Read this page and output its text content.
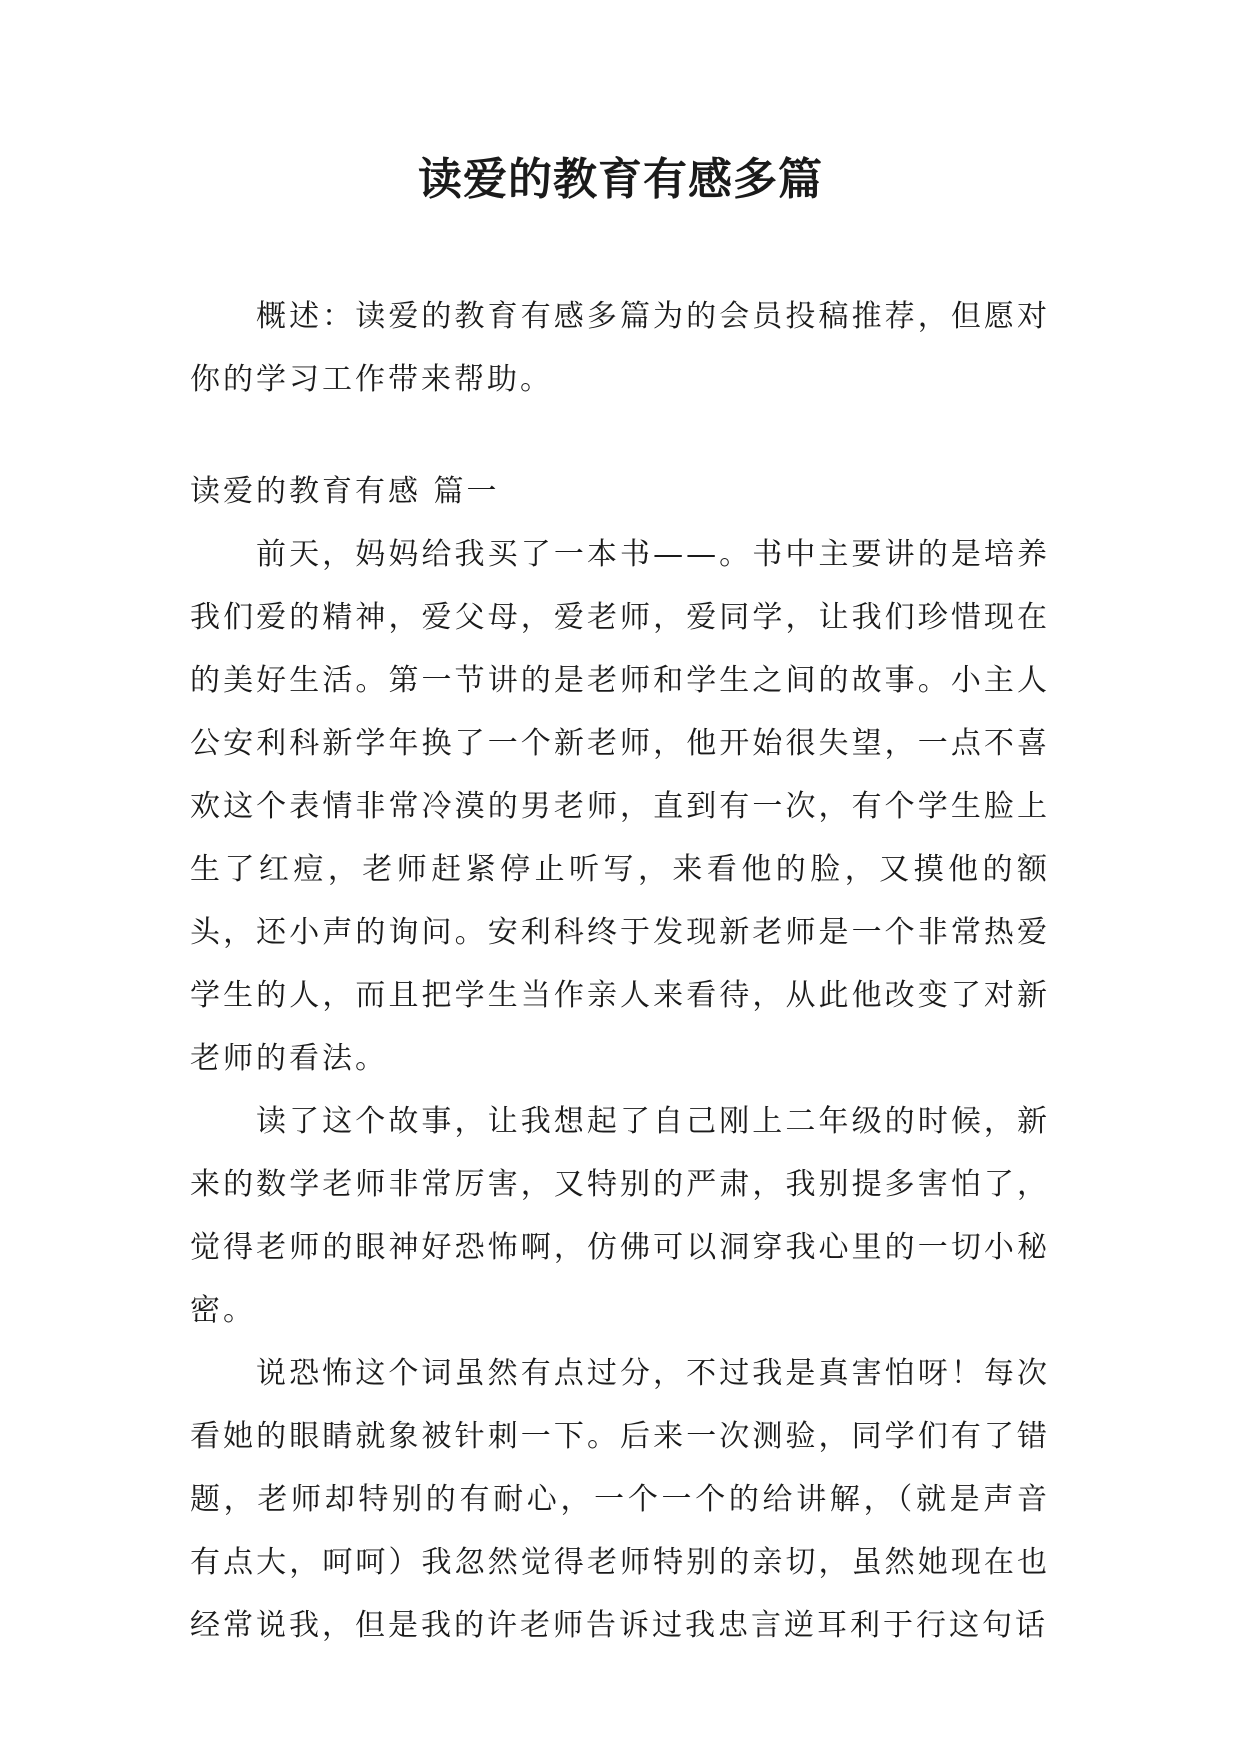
读爱的教育有感多篇

概述：读爱的教育有感多篇为的会员投稿推荐，但愿对你的学习工作带来帮助。

读爱的教育有感 篇一

前天，妈妈给我买了一本书——。书中主要讲的是培养我们爱的精神，爱父母，爱老师，爱同学，让我们珍惜现在的美好生活。第一节讲的是老师和学生之间的故事。小主人公安利科新学年换了一个新老师，他开始很失望，一点不喜欢这个表情非常冷漠的男老师，直到有一次，有个学生脸上生了红痘，老师赶紧停止听写，来看他的脸，又摸他的额头，还小声的询问。安利科终于发现新老师是一个非常热爱学生的人，而且把学生当作亲人来看待，从此他改变了对新老师的看法。

读了这个故事，让我想起了自己刚上二年级的时候，新来的数学老师非常厉害，又特别的严肃，我别提多害怕了，觉得老师的眼神好恐怖啊，仿佛可以洞穿我心里的一切小秘密。

说恐怖这个词虽然有点过分，不过我是真害怕呀！每次看她的眼睛就象被针刺一下。后来一次测验，同学们有了错题，老师却特别的有耐心，一个一个的给讲解，（就是声音有点大，呵呵）我忽然觉得老师特别的亲切，虽然她现在也经常说我，但是我的许老师告诉过我忠言逆耳利于行这句话
